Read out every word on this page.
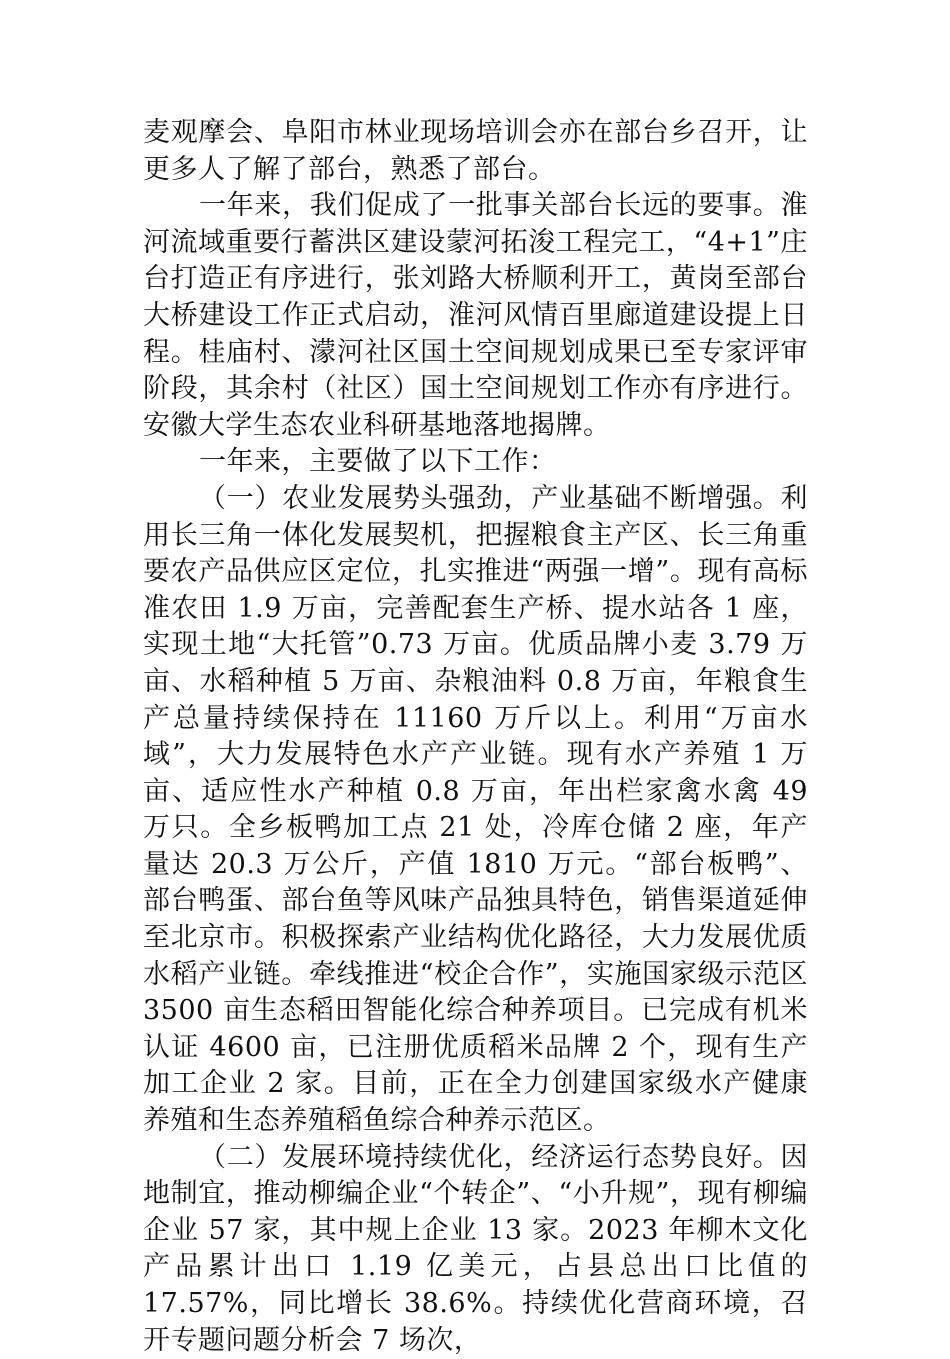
麦观摩会、阜阳市林业现场培训会亦在部台乡召开，让更多人了解了部台，熟悉了部台。

一年来，我们促成了一批事关部台长远的要事。淮河流域重要行蓄洪区建设蒙河拓浚工程完工，“4+1”庄台打造正有序进行，张刘路大桥顺利开工，黄岗至部台大桥建设工作正式启动，淮河风情百里廊道建设提上日程。桂庙村、濛河社区国土空间规划成果已至专家评审阶段，其余村（社区）国土空间规划工作亦有序进行。安徽大学生态农业科研基地落地揭牌。

一年来，主要做了以下工作：

（一）农业发展势头强劲，产业基础不断增强。利用长三角一体化发展契机，把握粮食主产区、长三角重要农产品供应区定位，扎实推进“两强一增”。现有高标准农田 1.9 万亩，完善配套生产桥、提水站各 1 座，实现土地“大托管”0.73 万亩。优质品牌小麦 3.79 万亩、水稻种植 5 万亩、杂粮油料 0.8 万亩，年粮食生产总量持续保持在 11160 万斤以上。利用“万亩水域”，大力发展特色水产产业链。现有水产养殖 1 万亩、适应性水产种植 0.8 万亩，年出栏家禽水禽 49 万只。全乡板鸭加工点 21 处，冷库仓储 2 座，年产量达 20.3 万公斤，产值 1810 万元。“部台板鸭”、部台鸭蛋、部台鱼等风味产品独具特色，销售渠道延伸至北京市。积极探索产业结构优化路径，大力发展优质水稻产业链。牵线推进“校企合作”，实施国家级示范区 3500 亩生态稻田智能化综合种养项目。已完成有机米认证 4600 亩，已注册优质稻米品牌 2 个，现有生产加工企业 2 家。目前，正在全力创建国家级水产健康养殖和生态养殖稻鱼综合种养示范区。

（二）发展环境持续优化，经济运行态势良好。因地制宜，推动柳编企业“个转企”、“小升规”，现有柳编企业 57 家，其中规上企业 13 家。2023 年柳木文化产品累计出口 1.19 亿美元，占县总出口比值的 17.57%，同比增长 38.6%。持续优化营商环境，召开专题问题分析会 7 场次，
